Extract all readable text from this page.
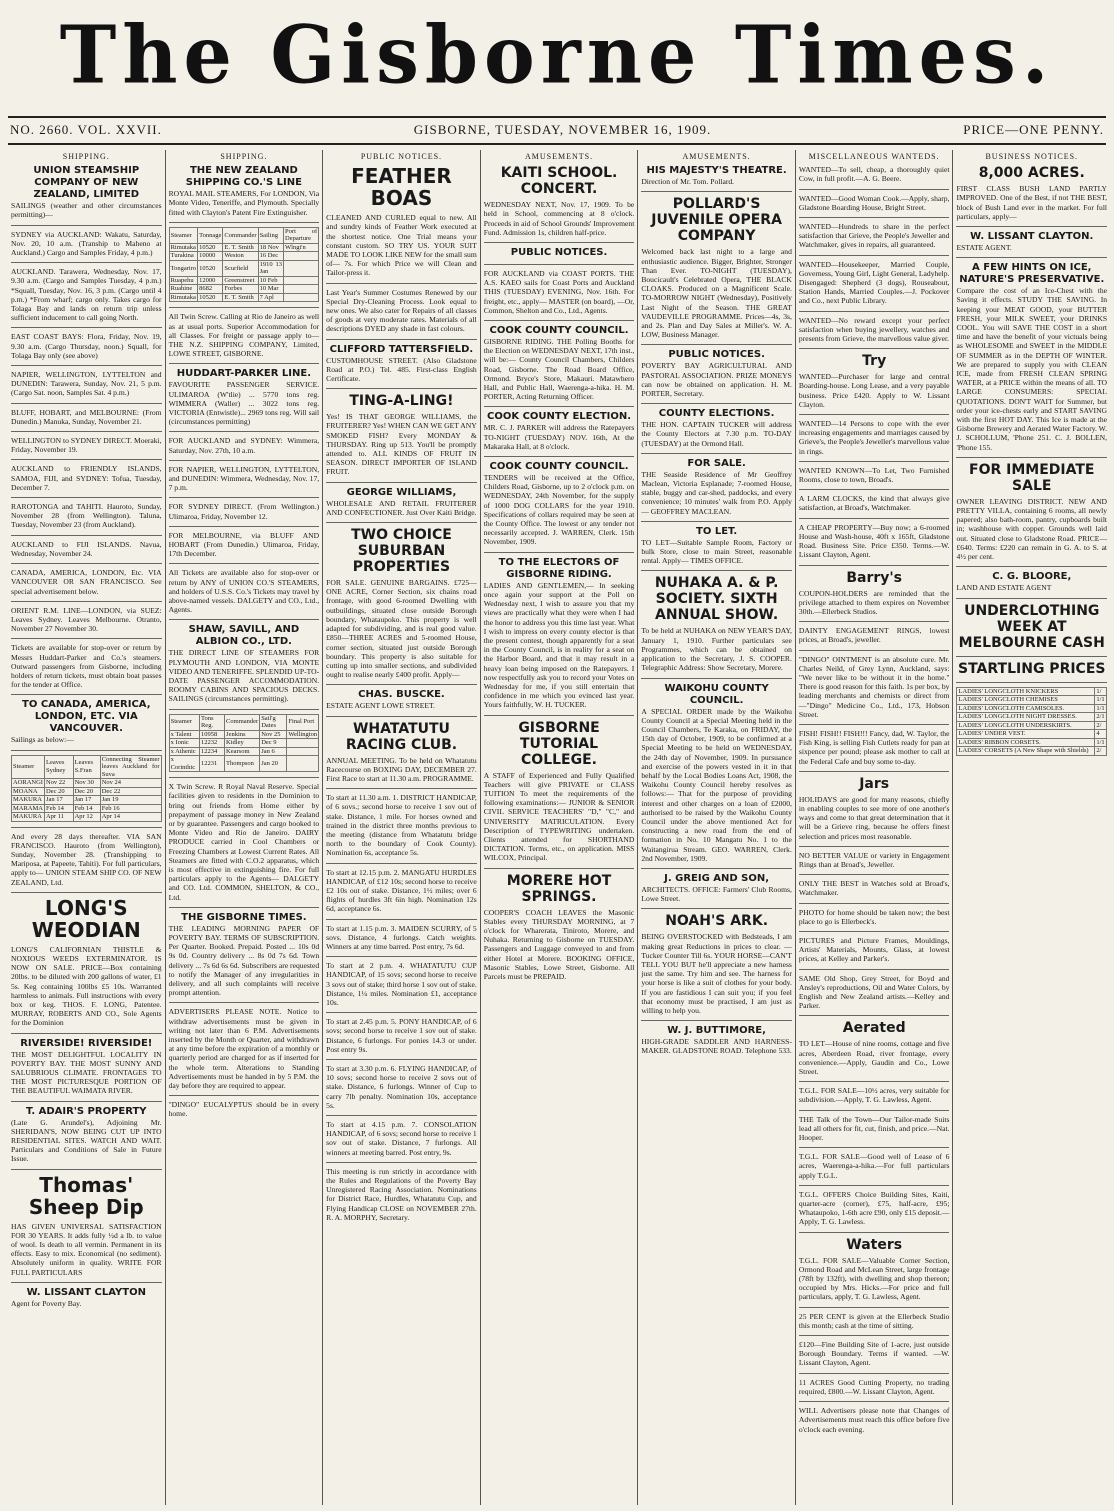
The Gisborne Times.
NO. 2660. VOL. XXVII.	GISBORNE, TUESDAY, NOVEMBER 16, 1909.	PRICE—ONE PENNY.
SHIPPING.
UNION STEAMSHIP COMPANY OF NEW ZEALAND, LIMITED
SAILINGS (weather and other circumstances permitting)—
SYDNEY via AUCKLAND: Wakatu, Saturday, Nov. 20, 10 a.m. (Tranship to Maheno at Auckland.) Cargo and Samples Friday, 4 p.m.)
AUCKLAND. Tarawera, Wednesday, Nov. 17, 9.30 a.m. (Cargo and Samples Tuesday, 4 p.m.) *Squall, Tuesday, Nov. 16, 3 p.m. (Cargo until 4 p.m.) *From wharf; cargo only. Takes cargo for Tolaga Bay and lands on return trip unless sufficient inducement to call going North.
EAST COAST BAYS: Flora, Friday, Nov. 19, 9.30 a.m. (Cargo Thursday, noon.) Squall, for Tolaga Bay only (see above)
NAPIER, WELLINGTON, LYTTELTON and DUNEDIN: Tarawera, Sunday, Nov. 21, 5 p.m. (Cargo Sat. noon, Samples Sat. 4 p.m.)
BLUFF, HOBART, and MELBOURNE: (From Dunedin.) Manuka, Sunday, November 21.
WELLINGTON to SYDNEY DIRECT. Moeraki, Friday, November 19.
AUCKLAND to FRIENDLY ISLANDS, SAMOA, FIJI, and SYDNEY: Tofua, Tuesday, December 7.
RAROTONGA and TAHITI. Hauroto, Sunday, November 28 (from Wellington). Taluna, Tuesday, November 23 (from Auckland).
AUCKLAND to FIJI ISLANDS. Navua, Wednesday, November 24.
CANADA, AMERICA, LONDON, Etc. VIA VANCOUVER OR SAN FRANCISCO. See special advertisement below.
ORIENT R.M. LINE—LONDON, via SUEZ: Leaves Sydney. Leaves Melbourne. Otranto, November 27 November 30.
Tickets are available for stop-over or return by Messrs Huddart-Parker and Co.'s steamers. Outward passengers from Gisborne, including holders of return tickets, must obtain boat passes for the tender at Office.
TO CANADA, AMERICA, LONDON, ETC. VIA VANCOUVER.
Sailings as below:—
Steamer	Leaves Sydney	Leaves S.Fran	Connecting Steamer leaves Auckland for Suva
AORANGI	Nov 22	Nov 30	Nov 24
MOANA	Dec 20	Dec 20	Dec 22
MAKURA	Jan 17	Jan 17	Jan 19
MARAMA	Feb 14	Feb 14	Feb 16
MAKURA	Apr 11	Apr 12	Apr 14
And every 28 days thereafter. VIA SAN FRANCISCO. Hauroto (from Wellington), Sunday, November 28. (Transhipping to Mariposa, at Papeete, Tahiti). For full particulars, apply to— UNION STEAM SHIP CO. OF NEW ZEALAND, Ltd.
LONG'S WEODIAN
LONG'S CALIFORNIAN THISTLE & NOXIOUS WEEDS EXTERMINATOR. IS NOW ON SALE. PRICE—Box containing 20lbs. to be diluted with 200 gallons of water, £1 5s. Keg containing 100lbs £5 10s. Warranted harmless to animals. Full instructions with every box or keg. THOS. F. LONG, Patentee. MURRAY, ROBERTS AND CO., Sole Agents for the Dominion
RIVERSIDE! RIVERSIDE!
THE MOST DELIGHTFUL LOCALITY IN POVERTY BAY. THE MOST SUNNY AND SALUBRIOUS CLIMATE. FRONTAGES TO THE MOST PICTURESQUE PORTION OF THE BEAUTIFUL WAIMATA RIVER.
T. ADAIR'S PROPERTY
(Late G. Arundel's), Adjoining Mr. SHERIDAN'S, NOW BEING CUT UP INTO RESIDENTIAL SITES. WATCH AND WAIT. Particulars and Conditions of Sale in Future Issue.
Thomas' Sheep Dip
HAS GIVEN UNIVERSAL SATISFACTION FOR 30 YEARS. It adds fully ½d a lb. to value of wool. Is death to all vermin. Permanent in its effects. Easy to mix. Economical (no sediment). Absolutely uniform in quality. WRITE FOR FULL PARTICULARS
W. LISSANT CLAYTON
Agent for Poverty Bay.
SHIPPING.
THE NEW ZEALAND SHIPPING CO.'S LINE
ROYAL MAIL STEAMERS, For LONDON, Via Monte Video, Teneriffe, and Plymouth. Specially fitted with Clayton's Patent Fire Extinguisher.
Steamer	Tonnage	Commander	Sailing	Port of Departure
Rimutaka	10520	E. T. Smith	18 Nov	Wlngt'n
Turakina	10000	Weston	16 Dec	
Tongariro	10520	Scurfield	1910 13 Jan	
Ruapehu	12000	Greenstreet	10 Feb	
Ruahine	8682	Forbes	10 Mar	
Rimutaka	10520	E. T. Smith	7 Apl	
All Twin Screw. Calling at Rio de Janeiro as well as at usual ports. Superior Accommodation for all Classes. For freight or passage apply to— THE N.Z. SHIPPING COMPANY, Limited, LOWE STREET, GISBORNE.
HUDDART-PARKER LINE.
FAVOURITE PASSENGER SERVICE. ULIMAROA (W'tlie) ... 5770 tons reg. WIMMERA (Waller) ... 3022 tons reg. VICTORIA (Entwistle)... 2969 tons reg. Will sail (circumstances permitting)
FOR AUCKLAND and SYDNEY: Wimmera, Saturday, Nov. 27th, 10 a.m.
FOR NAPIER, WELLINGTON, LYTTELTON, and DUNEDIN: Wimmera, Wednesday, Nov. 17, 7 p.m.
FOR SYDNEY DIRECT. (From Wellington.) Ulimaroa, Friday, November 12.
FOR MELBOURNE, via BLUFF AND HOBART (From Dunedin.) Ulimaroa, Friday, 17th December.
All Tickets are available also for stop-over or return by ANY of UNION CO.'S STEAMERS, and holders of U.S.S. Co.'s Tickets may travel by above-named vessels. DALGETY and CO., Ltd., Agents.
SHAW, SAVILL, AND ALBION CO., LTD.
THE DIRECT LINE OF STEAMERS FOR PLYMOUTH AND LONDON, VIA MONTE VIDEO AND TENERIFFE. SPLENDID UP-TO-DATE PASSENGER ACCOMMODATION. ROOMY CABINS AND SPACIOUS DECKS. SAILINGS (circumstances permitting).
Steamer	Tons Reg.	Commander	Sail'g Dates	Final Port
x Talent	10958	Jenkins	Nov 25	Wellington
x Ionic	12232	Kidley	Dec 9	
x Athenic	12234	Kearsom	Jan 6	
x Corinthic	12231	Thompson	Jan 20	
X Twin Screw. R Royal Naval Reserve. Special facilities given to residents in the Dominion to bring out friends from Home either by prepayment of passage money in New Zealand or by guarantee. Passengers and cargo booked to Monte Video and Rio de Janeiro. DAIRY PRODUCE carried in Cool Chambers or Freezing Chambers at Lowest Current Rates. All Steamers are fitted with C.O.2 apparatus, which is most effective in extinguishing fire. For full particulars apply to the Agents— DALGETY and CO. Ltd. COMMON, SHELTON, & CO., Ltd.
THE GISBORNE TIMES.
THE LEADING MORNING PAPER OF POVERTY BAY. TERMS OF SUBSCRIPTION. Per Quarter. Booked. Prepaid. Posted ... 10s 0d 9s 0d. Country delivery ... 8s 0d 7s 6d. Town delivery ... 7s 6d 6s 6d. Subscribers are requested to notify the Manager of any irregularities in delivery, and all such complaints will receive prompt attention.
ADVERTISERS PLEASE NOTE. Notice to withdraw advertisements must be given in writing not later than 6 P.M. Advertisements inserted by the Month or Quarter, and withdrawn at any time before the expiration of a monthly or quarterly period are charged for as if inserted for the whole term. Alterations to Standing Advertisements must be handed in by 5 P.M. the day before they are required to appear.
"DINGO" EUCALYPTUS should be in every home.
PUBLIC NOTICES.
FEATHER BOAS
CLEANED AND CURLED equal to new. All and sundry kinds of Feather Work executed at the shortest notice. One Trial means your constant custom. SO TRY US. YOUR SUIT MADE TO LOOK LIKE NEW for the small sum of— 7s. For which Price we will Clean and Tailor-press it.
Last Year's Summer Costumes Renewed by our Special Dry-Cleaning Process. Look equal to new ones. We also cater for Repairs of all classes of goods at very moderate rates. Materials of all descriptions DYED any shade in fast colours.
CLIFFORD TATTERSFIELD.
CUSTOMHOUSE STREET. (Also Gladstone Road at P.O.) Tel. 485. First-class English Certificate.
TING-A-LING!
Yes! IS THAT GEORGE WILLIAMS, the FRUITERER? Yes! WHEN CAN WE GET ANY SMOKED FISH? Every MONDAY & THURSDAY. Ring up 513. You'll be promptly attended to. ALL KINDS OF FRUIT IN SEASON. DIRECT IMPORTER OF ISLAND FRUIT.
GEORGE WILLIAMS,
WHOLESALE AND RETAIL FRUITERER AND CONFECTIONER. Just Over Kaiti Bridge.
TWO CHOICE SUBURBAN PROPERTIES
FOR SALE. GENUINE BARGAINS. £725—ONE ACRE, Corner Section, six chains road frontage, with good 6-roomed Dwelling with outbuildings, situated close outside Borough boundary, Whataupoko. This property is well adapted for subdividing, and is real good value. £850—THREE ACRES and 5-roomed House, corner section, situated just outside Borough boundary. This property is also suitable for cutting up into smaller sections, and subdivided ought to realise nearly £400 profit. Apply—
CHAS. BUSCKE.
ESTATE AGENT LOWE STREET.
WHATATUTU RACING CLUB.
ANNUAL MEETING. To be held on Whatatutu Racecourse on BOXING DAY, DECEMBER 27. First Race to start at 11.30 a.m. PROGRAMME.
To start at 11.30 a.m. 1. DISTRICT HANDICAP, of 6 sovs.; second horse to receive 1 sov out of stake. Distance, 1 mile. For horses owned and trained in the district three months previous to the meeting (distance from Whatatutu bridge north to the boundary of Cook County). Nomination 6s, acceptance 5s.
To start at 12.15 p.m. 2. MANGATU HURDLES HANDICAP, of £12 10s; second horse to receive £2 10s out of stake. Distance, 1½ miles; over 6 flights of hurdles 3ft 6in high. Nomination 12s 6d, acceptance 6s.
To start at 1.15 p.m. 3. MAIDEN SCURRY, of 5 sovs. Distance, 4 furlongs. Catch weights. Winners at any time barred. Post entry, 7s 6d.
To start at 2 p.m. 4. WHATATUTU CUP HANDICAP, of 15 sovs; second horse to receive 3 sovs out of stake; third horse 1 sov out of stake. Distance, 1¼ miles. Nomination £1, acceptance 10s.
To start at 2.45 p.m. 5. PONY HANDICAP, of 6 sovs; second horse to receive 1 sov out of stake. Distance, 6 furlongs. For ponies 14.3 or under. Post entry 9s.
To start at 3.30 p.m. 6. FLYING HANDICAP, of 10 sovs; second horse to receive 2 sovs out of stake. Distance, 6 furlongs. Winner of Cup to carry 7lb penalty. Nomination 10s, acceptance 5s.
To start at 4.15 p.m. 7. CONSOLATION HANDICAP, of 6 sovs; second horse to receive 1 sov out of stake. Distance, 7 furlongs. All winners at meeting barred. Post entry, 9s.
This meeting is run strictly in accordance with the Rules and Regulations of the Poverty Bay Unregistered Racing Association. Nominations for District Race, Hurdles, Whatatutu Cup, and Flying Handicap CLOSE on NOVEMBER 27th. R. A. MORPHY, Secretary.
AMUSEMENTS.
KAITI SCHOOL. CONCERT.
WEDNESDAY NEXT, Nov. 17, 1909. To be held in School, commencing at 8 o'clock. Proceeds in aid of School Grounds' Improvement Fund. Admission 1s, children half-price.
PUBLIC NOTICES.
FOR AUCKLAND via COAST PORTS. THE A.S. KAEO sails for Coast Ports and Auckland THIS (TUESDAY) EVENING, Nov. 16th. For freight, etc., apply— MASTER (on board), —Or, Common, Shelton and Co., Ltd., Agents.
COOK COUNTY COUNCIL.
GISBORNE RIDING. THE Polling Booths for the Election on WEDNESDAY NEXT, 17th inst., will be:— County Council Chambers, Childers Road, Gisborne. The Road Board Office, Ormond. Bryce's Store, Makauri. Matawhero Hall, and Public Hall, Waerenga-a-hika. H. M. PORTER, Acting Returning Officer.
COOK COUNTY ELECTION.
MR. C. J. PARKER will address the Ratepayers TO-NIGHT (TUESDAY) NOV. 16th, At the Makaraka Hall, at 8 o'clock.
COOK COUNTY COUNCIL.
TENDERS will be received at the Office, Childers Road, Gisborne, up to 2 o'clock p.m. on WEDNESDAY, 24th November, for the supply of 1000 DOG COLLARS for the year 1910. Specifications of collars required may be seen at the County Office. The lowest or any tender not necessarily accepted. J. WARREN, Clerk. 15th November, 1909.
TO THE ELECTORS OF GISBORNE RIDING.
LADIES AND GENTLEMEN,— In seeking once again your support at the Poll on Wednesday next, I wish to assure you that my views are practically what they were when I had the honor to address you this time last year. What I wish to impress on every county elector is that the present contest, though apparently for a seat in the County Council, is in reality for a seat on the Harbor Board, and that it may result in a heavy loan being imposed on the Ratepayers. I now respectfully ask you to record your Votes on Wednesday for me, if you still entertain that confidence in me which you evinced last year. Yours faithfully, W. H. TUCKER.
GISBORNE TUTORIAL COLLEGE.
A STAFF of Experienced and Fully Qualified Teachers will give PRIVATE or CLASS TUITION To meet the requirements of the following examinations:— JUNIOR & SENIOR CIVIL SERVICE TEACHERS' "D," "C," and UNIVERSITY MATRICULATION. Every Description of TYPEWRITING undertaken. Clients attended for SHORTHAND DICTATION. Terms, etc., on application. MISS WILCOX, Principal.
MORERE HOT SPRINGS.
COOPER'S COACH LEAVES the Masonic Stables every THURSDAY MORNING, at 7 o'clock for Wharerata, Tiniroto, Morere, and Nuhaka. Returning to Gisborne on TUESDAY. Passengers and Luggage conveyed to and from either Hotel at Morere. BOOKING OFFICE, Masonic Stables, Lowe Street, Gisborne. All Parcels must be PREPAID.
AMUSEMENTS.
HIS MAJESTY'S THEATRE.
Direction of Mr. Tom. Pollard.
POLLARD'S JUVENILE OPERA COMPANY
Welcomed back last night to a large and enthusiastic audience. Bigger, Brighter, Stronger Than Ever. TO-NIGHT (TUESDAY), Boucicault's Celebrated Opera, THE BLACK CLOAKS. Produced on a Magnificent Scale. TO-MORROW NIGHT (Wednesday), Positively Last Night of the Season. THE GREAT VAUDEVILLE PROGRAMME. Prices—4s, 3s, and 2s. Plan and Day Sales at Miller's. W. A. LOW, Business Manager.
PUBLIC NOTICES.
POVERTY BAY AGRICULTURAL AND PASTORAL ASSOCIATION. PRIZE MONEYS can now be obtained on application. H. M. PORTER, Secretary.
COUNTY ELECTIONS.
THE HON. CAPTAIN TUCKER will address the County Electors at 7.30 p.m. TO-DAY (TUESDAY) at the Ormond Hall.
FOR SALE.
THE Seaside Residence of Mr Geoffrey Maclean, Victoria Esplanade; 7-roomed House, stable, buggy and car-shed, paddocks, and every convenience; 10 minutes' walk from P.O. Apply— GEOFFREY MACLEAN.
TO LET.
TO LET—Suitable Sample Room, Factory or bulk Store, close to main Street, reasonable rental. Apply— TIMES OFFICE.
NUHAKA A. & P. SOCIETY. SIXTH ANNUAL SHOW.
To be held at NUHAKA on NEW YEAR'S DAY, January 1, 1910. Further particulars see Programmes, which can be obtained on application to the Secretary, J. S. COOPER. Telegraphic Address: Show Secretary, Morere.
WAIKOHU COUNTY COUNCIL.
A SPECIAL ORDER made by the Waikohu County Council at a Special Meeting held in the Council Chambers, Te Karaka, on FRIDAY, the 15th day of October, 1909, to be confirmed at a Special Meeting to be held on WEDNESDAY, the 24th day of November, 1909. In pursuance and exercise of the powers vested in it in that behalf by the Local Bodies Loans Act, 1908, the Waikohu County Council hereby resolves as follows:— That for the purpose of providing interest and other charges on a loan of £2000, authorised to be raised by the Waikohu County Council under the above mentioned Act for constructing a new road from the end of formation in No. 10 Mangatu No. 1 to the Waitangirua Stream. GEO. WARREN, Clerk. 2nd November, 1909.
J. GREIG AND SON,
ARCHITECTS. OFFICE: Farmers' Club Rooms, Lowe Street.
NOAH'S ARK.
BEING OVERSTOCKED with Bedsteads, I am making great Reductions in prices to clear. — Tucker Counter Till 6s. YOUR HORSE—CAN'T TELL YOU BUT he'll appreciate a new harness just the same. Try him and see. The harness for your horse is like a suit of clothes for your body. If you are fastidious I can suit you; if you feel that economy must be practised, I am just as willing to help you.
W. J. BUTTIMORE,
HIGH-GRADE SADDLER AND HARNESS-MAKER. GLADSTONE ROAD. Telephone 533.
MISCELLANEOUS WANTEDS.
WANTED—To sell, cheap, a thoroughly quiet Cow, in full profit.—A. G. Beere.
WANTED—Good Woman Cook.—Apply, sharp, Gladstone Boarding House, Bright Street.
WANTED—Hundreds to share in the perfect satisfaction that Grieve, the People's Jeweller and Watchmaker, gives in repairs, all guaranteed.
WANTED—Housekeeper, Married Couple, Governess, Young Girl, Light General, Ladyhelp. Disengaged: Shepherd (3 dogs), Rouseabout, Station Hands, Married Couples.—J. Pockover and Co., next Public Library.
WANTED—No reward except your perfect satisfaction when buying jewellery, watches and presents from Grieve, the marvellous value giver.
Try
WANTED—Purchaser for large and central Boarding-house. Long Lease, and a very payable business. Price £420. Apply to W. Lissant Clayton.
WANTED—14 Persons to cope with the ever increasing engagements and marriages caused by Grieve's, the People's Jeweller's marvellous value in rings.
WANTED KNOWN—To Let, Two Furnished Rooms, close to town, Broad's.
A LARM CLOCKS, the kind that always give satisfaction, at Broad's, Watchmaker.
A CHEAP PROPERTY—Buy now; a 6-roomed House and Wash-house, 40ft x 165ft, Gladstone Road. Business Site. Price £350. Terms.—W. Lissant Clayton, Agent.
Barry's
COUPON-HOLDERS are reminded that the privilege attached to them expires on November 30th.—Ellerbeck Studios.
DAINTY ENGAGEMENT RINGS, lowest prices, at Broad's, jeweller.
"DINGO" OINTMENT is an absolute cure. Mr. Charles Neild, of Grey Lynn, Auckland, says: "We never like to be without it in the home." There is good reason for this faith. 1s per box, by leading merchants and chemists or direct from—"Dingo" Medicine Co., Ltd., 173, Hobson Street.
FISH! FISH!! FISH!!! Fancy, dad, W. Taylor, the Fish King, is selling Fish Cutlets ready for pan at sixpence per pound; please ask mother to call at the Federal Cafe and buy some to-day.
Jars
HOLIDAYS are good for many reasons, chiefly in enabling couples to see more of one another's ways and come to that great determination that it will be a Grieve ring, because he offers finest selection and prices most reasonable.
NO BETTER VALUE or variety in Engagement Rings than at Broad's, Jeweller.
ONLY THE BEST in Watches sold at Broad's, Watchmaker.
PHOTO for home should be taken now; the best place to go is Ellerbeck's.
PICTURES and Picture Frames, Mouldings, Artists' Materials, Mounts, Glass, at lowest prices, at Kelley and Parker's.
SAME Old Shop, Grey Street, for Boyd and Ansley's reproductions, Oil and Water Colors, by English and New Zealand artists.—Kelley and Parker.
Aerated
TO LET—House of nine rooms, cottage and five acres, Aberdeen Road, river frontage, every convenience.—Apply, Gaudin and Co., Lowe Street.
T.G.L. FOR SALE—10½ acres, very suitable for subdivision.—Apply, T. G. Lawless, Agent.
THE Talk of the Town—Our Tailor-made Suits lead all others for fit, cut, finish, and price.—Nat. Hooper.
T.G.L. FOR SALE—Good well of Lease of 6 acres, Waerenga-a-hika.—For full particulars apply T.G.L.
T.G.L. OFFERS Choice Building Sites, Kaiti, quarter-acre (corner), £75, half-acre, £95; Whataupoko, 1-6th acre £90, only £15 deposit.—Apply, T. G. Lawless.
Waters
T.G.L. FOR SALE—Valuable Corner Section, Ormond Road and McLean Street, large frontage (78ft by 132ft), with dwelling and shop thereon; occupied by Mrs. Hicks.—For price and full particulars, apply, T. G. Lawless, Agent.
25 PER CENT is given at the Ellerbeck Studio this month; cash at the time of sitting.
£120—Fine Building Site of 1-acre, just outside Borough Boundary. Terms if wanted. —W. Lissant Clayton, Agent.
11 ACRES Good Cutting Property, no trading required, £800.—W. Lissant Clayton, Agent.
WILL Advertisers please note that Changes of Advertisements must reach this office before five o'clock each evening.
BUSINESS NOTICES.
8,000 ACRES.
FIRST CLASS BUSH LAND PARTLY IMPROVED. One of the Best, if not THE BEST, block of Bush Land ever in the market. For full particulars, apply—
W. LISSANT CLAYTON.
ESTATE AGENT.
A FEW HINTS ON ICE, NATURE'S PRESERVATIVE.
Compare the cost of an Ice-Chest with the Saving it effects. STUDY THE SAVING. In keeping your MEAT GOOD, your BUTTER FRESH, your MILK SWEET, your DRINKS COOL. You will SAVE THE COST in a short time and have the benefit of your victuals being as WHOLESOME and SWEET in the MIDDLE OF SUMMER as in the DEPTH OF WINTER. We are prepared to supply you with CLEAN ICE, made from FRESH CLEAN SPRING WATER, at a PRICE within the means of all. TO LARGE CONSUMERS: SPECIAL QUOTATIONS. DON'T WAIT for Summer, but order your ice-chests early and START SAVING with the first HOT DAY. This Ice is made at the Gisborne Brewery and Aerated Water Factory. W. J. SCHOLLUM, 'Phone 251. C. J. BOLLEN, 'Phone 155.
FOR IMMEDIATE SALE
OWNER LEAVING DISTRICT. NEW AND PRETTY VILLA, containing 6 rooms, all newly papered; also bath-room, pantry, cupboards built in; washhouse with copper. Grounds well laid out. Situated close to Gladstone Road. PRICE—£640. Terms: £220 can remain in G. A. to S. at 4½ per cent.
C. G. BLOORE,
LAND AND ESTATE AGENT
UNDERCLOTHING WEEK AT MELBOURNE CASH
STARTLING PRICES
LADIES' LONGCLOTH KNICKERS	1/
LADIES' LONGCLOTH CHEMISES	1/1
LADIES' LONGCLOTH CAMISOLES.	1/1
LADIES' LONGCLOTH NIGHT DRESSES.	2/1
LADIES' LONGCLOTH UNDERSKIRTS.	2/
LADIES' UNDER VEST.	4
LADIES' RIBBON CORSETS.	1/1
LADIES' CORSETS (A New Shape with Shields)	2/
